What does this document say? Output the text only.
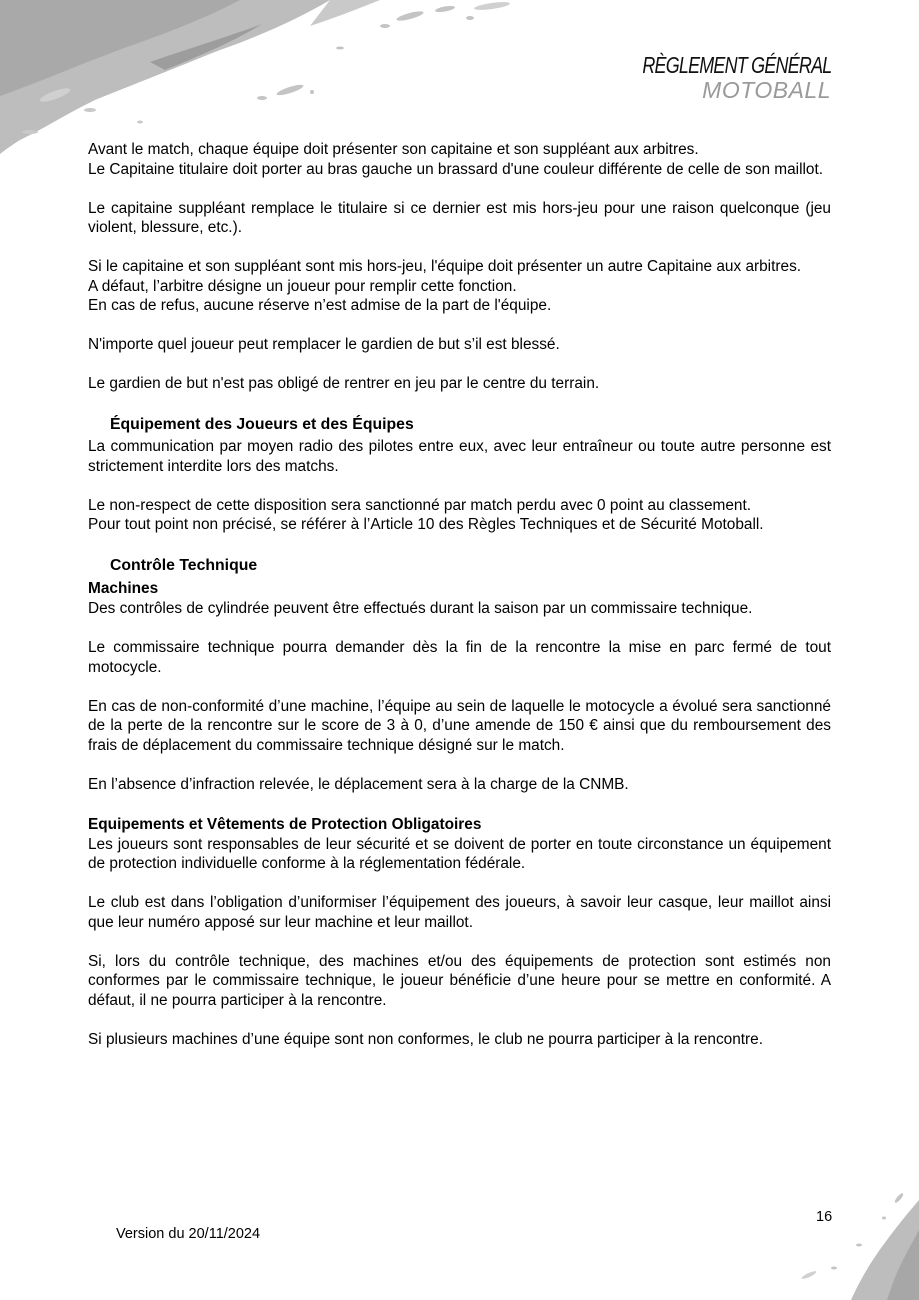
RÈGLEMENT GÉNÉRAL
MOTOBALL

Avant le match, chaque équipe doit présenter son capitaine et son suppléant aux arbitres.

Le Capitaine titulaire doit porter au bras gauche un brassard d'une couleur différente de celle de son maillot.

Le capitaine suppléant remplace le titulaire si ce dernier est mis hors-jeu pour une raison quelconque (jeu violent, blessure, etc.).

Si le capitaine et son suppléant sont mis hors-jeu, l'équipe doit présenter un autre Capitaine aux arbitres.

A défaut, l’arbitre désigne un joueur pour remplir cette fonction.

En cas de refus, aucune réserve n’est admise de la part de l'équipe.

N'importe quel joueur peut remplacer le gardien de but s’il est blessé.

Le gardien de but n'est pas obligé de rentrer en jeu par le centre du terrain.

Équipement des Joueurs et des Équipes

La communication par moyen radio des pilotes entre eux, avec leur entraîneur ou toute autre personne est strictement interdite lors des matchs.

Le non-respect de cette disposition sera sanctionné par match perdu avec 0 point au classement.

Pour tout point non précisé, se référer à l’Article 10 des Règles Techniques et de Sécurité Motoball.

Contrôle Technique
Machines

Des contrôles de cylindrée peuvent être effectués durant la saison par un commissaire technique.

Le commissaire technique pourra demander dès la fin de la rencontre la mise en parc fermé de tout motocycle.

En cas de non-conformité d’une machine, l’équipe au sein de laquelle le motocycle a évolué sera sanctionné de la perte de la rencontre sur le score de 3 à 0, d’une amende de 150 € ainsi que du remboursement des frais de déplacement du commissaire technique désigné sur le match.

En l’absence d’infraction relevée, le déplacement sera à la charge de la CNMB.

Equipements et Vêtements de Protection Obligatoires

Les joueurs sont responsables de leur sécurité et se doivent de porter en toute circonstance un équipement de protection individuelle conforme à la réglementation fédérale.

Le club est dans l’obligation d’uniformiser l’équipement des joueurs, à savoir leur casque, leur maillot ainsi que leur numéro apposé sur leur machine et leur maillot.

Si, lors du contrôle technique, des machines et/ou des équipements de protection sont estimés non conformes par le commissaire technique, le joueur bénéficie d’une heure pour se mettre en conformité. A défaut, il ne pourra participer à la rencontre.

Si plusieurs machines d’une équipe sont non conformes, le club ne pourra participer à la rencontre.

16
Version du 20/11/2024
